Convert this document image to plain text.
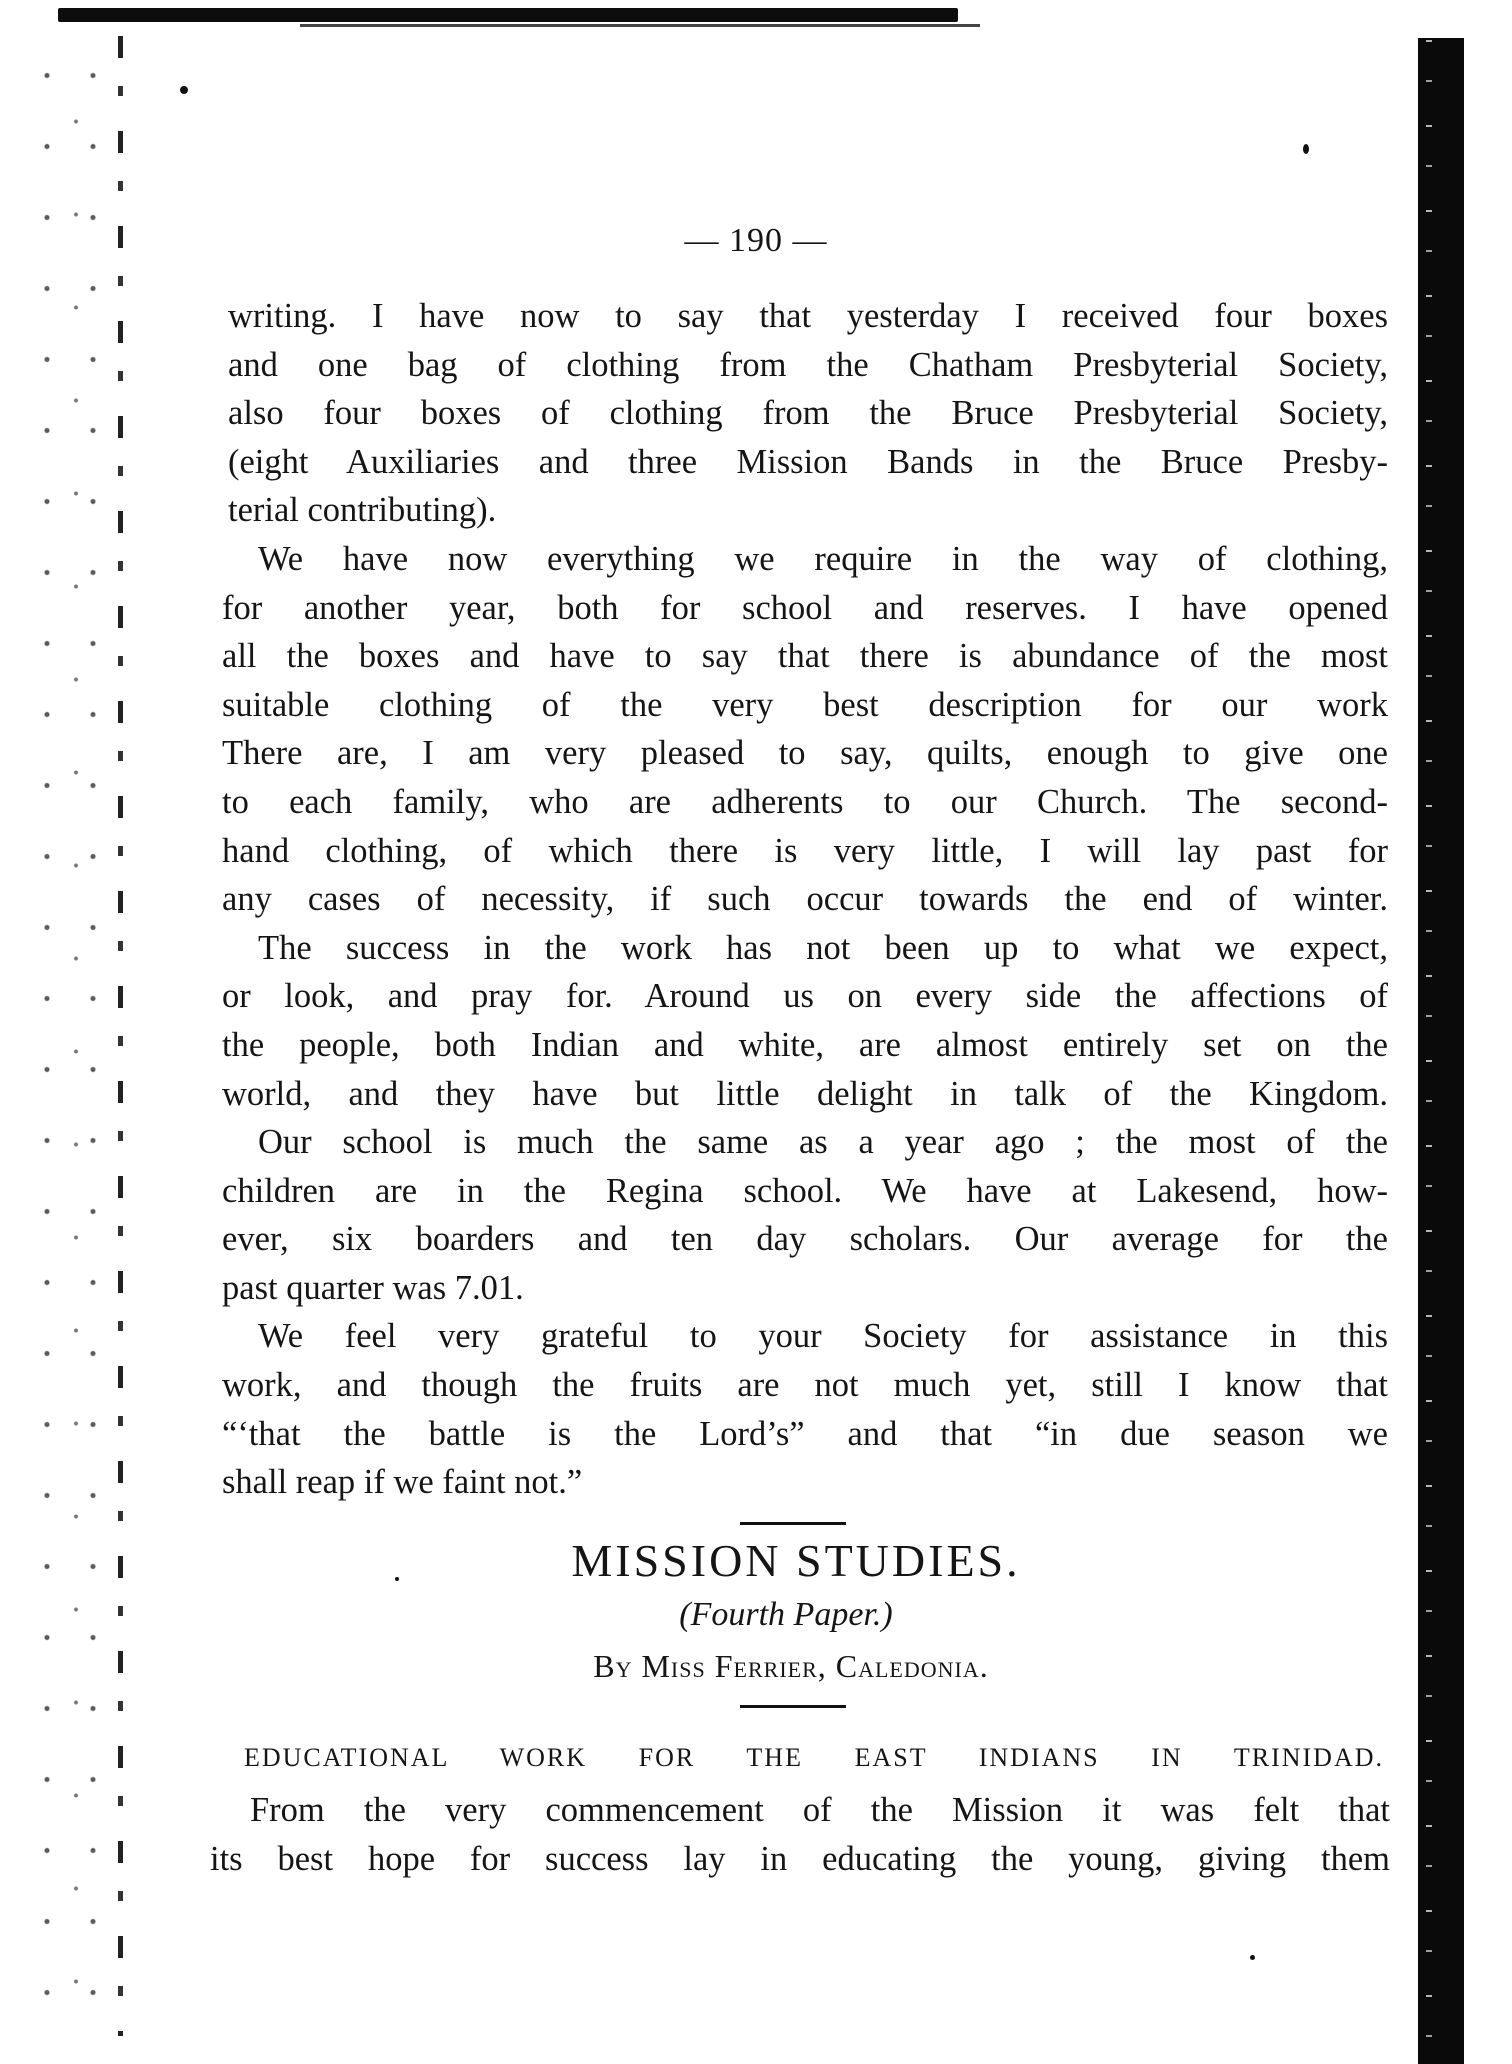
— 190 —
writing. I have now to say that yesterday I received four boxes
and one bag of clothing from the Chatham Presbyterial Society,
also four boxes of clothing from the Bruce Presbyterial Society,
(eight Auxiliaries and three Mission Bands in the Bruce Presby-
terial contributing).
We have now everything we require in the way of clothing,
for another year, both for school and reserves. I have opened
all the boxes and have to say that there is abundance of the most
suitable clothing of the very best description for our work
There are, I am very pleased to say, quilts, enough to give one
to each family, who are adherents to our Church. The second-
hand clothing, of which there is very little, I will lay past for
any cases of necessity, if such occur towards the end of winter.
The success in the work has not been up to what we expect,
or look, and pray for. Around us on every side the affections of
the people, both Indian and white, are almost entirely set on the
world, and they have but little delight in talk of the Kingdom.
Our school is much the same as a year ago ; the most of the
children are in the Regina school. We have at Lakesend, how-
ever, six boarders and ten day scholars. Our average for the
past quarter was 7.01.
We feel very grateful to your Society for assistance in this
work, and though the fruits are not much yet, still I know that
“‘that the battle is the Lord’s” and that “in due season we
shall reap if we faint not.”
MISSION STUDIES.
(Fourth Paper.)
By Miss Ferrier, Caledonia.
EDUCATIONAL WORK FOR THE EAST INDIANS IN TRINIDAD.
From the very commencement of the Mission it was felt that
its best hope for success lay in educating the young, giving them
